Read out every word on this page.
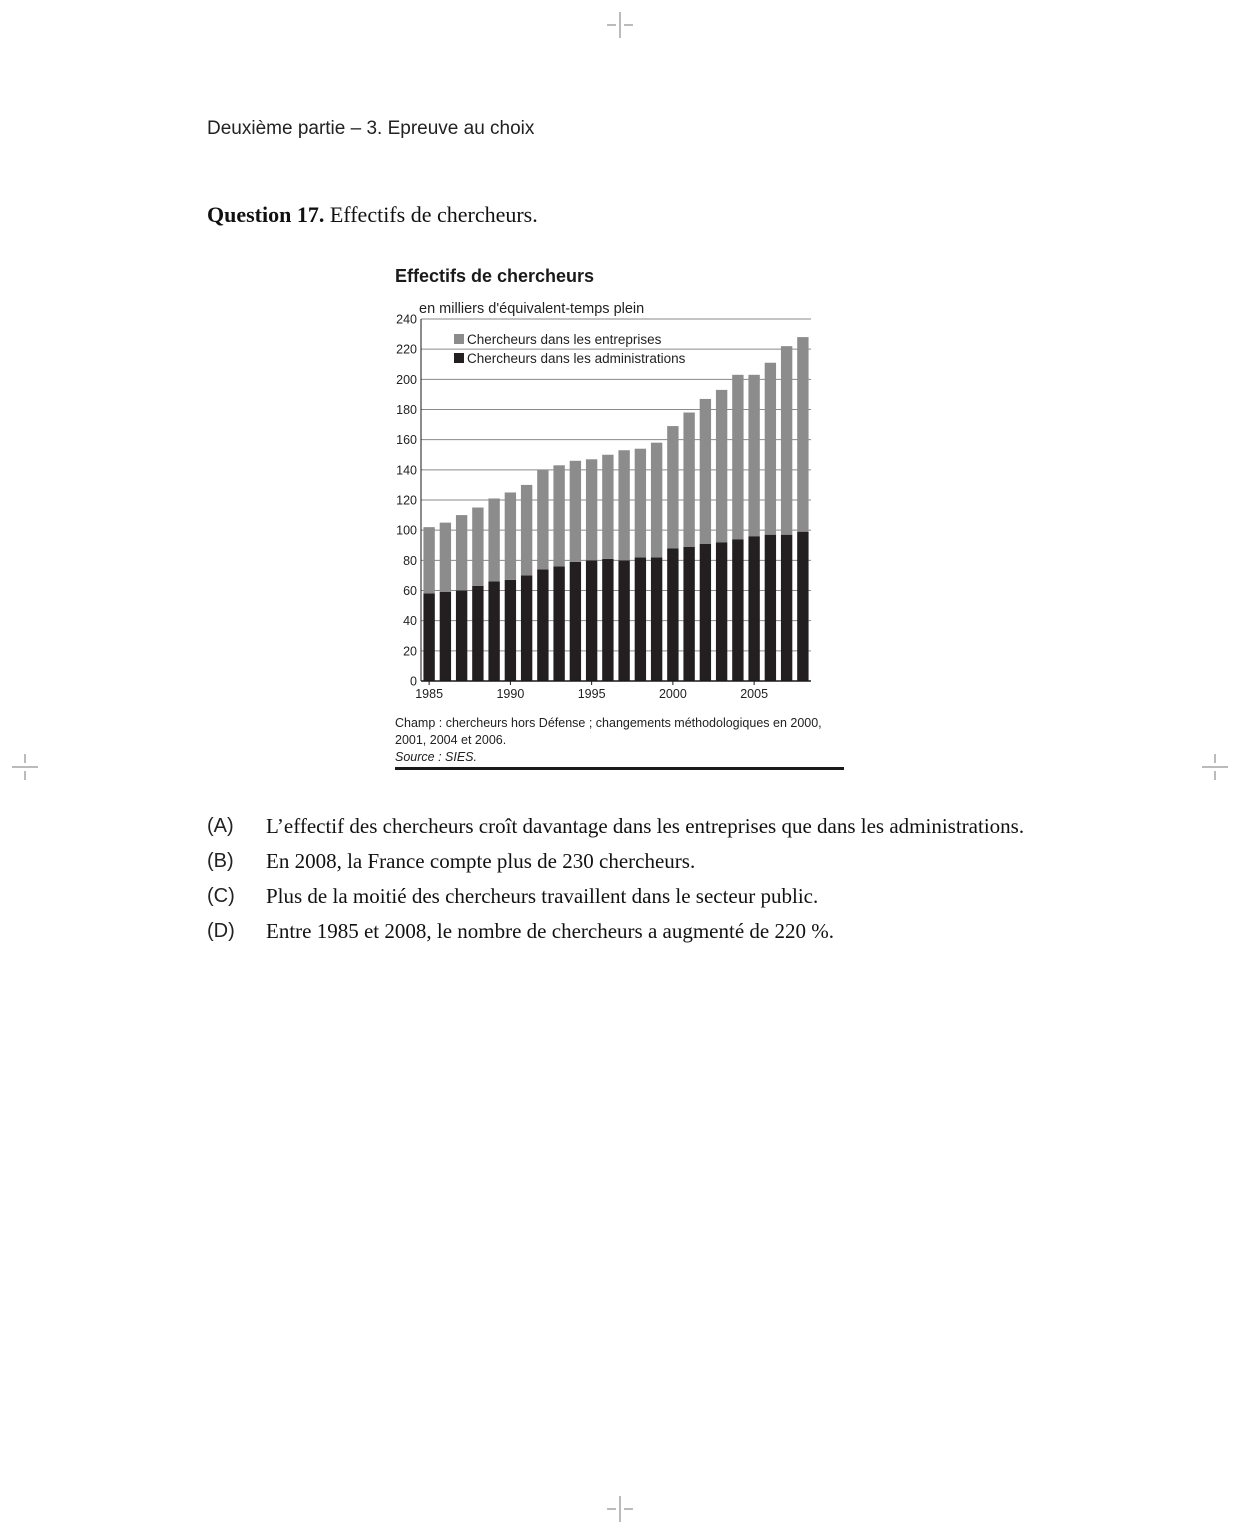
Deuxième partie – 3. Epreuve au choix
Question 17. Effectifs de chercheurs.
Effectifs de chercheurs
en milliers d'équivalent-temps plein
0
20
40
60
80
100
120
140
160
180
200
220
240
1985	1990	1995	2000	2005
Chercheurs dans les entreprises
Chercheurs dans les administrations
Champ : chercheurs hors Défense ; changements méthodologiques en 2000, 2001, 2004 et 2006.
Source : SIES.
(A) L’effectif des chercheurs croît davantage dans les entreprises que dans les administrations.
(B) En 2008, la France compte plus de 230 chercheurs.
(C) Plus de la moitié des chercheurs travaillent dans le secteur public.
(D) Entre 1985 et 2008, le nombre de chercheurs a augmenté de 220 %.
